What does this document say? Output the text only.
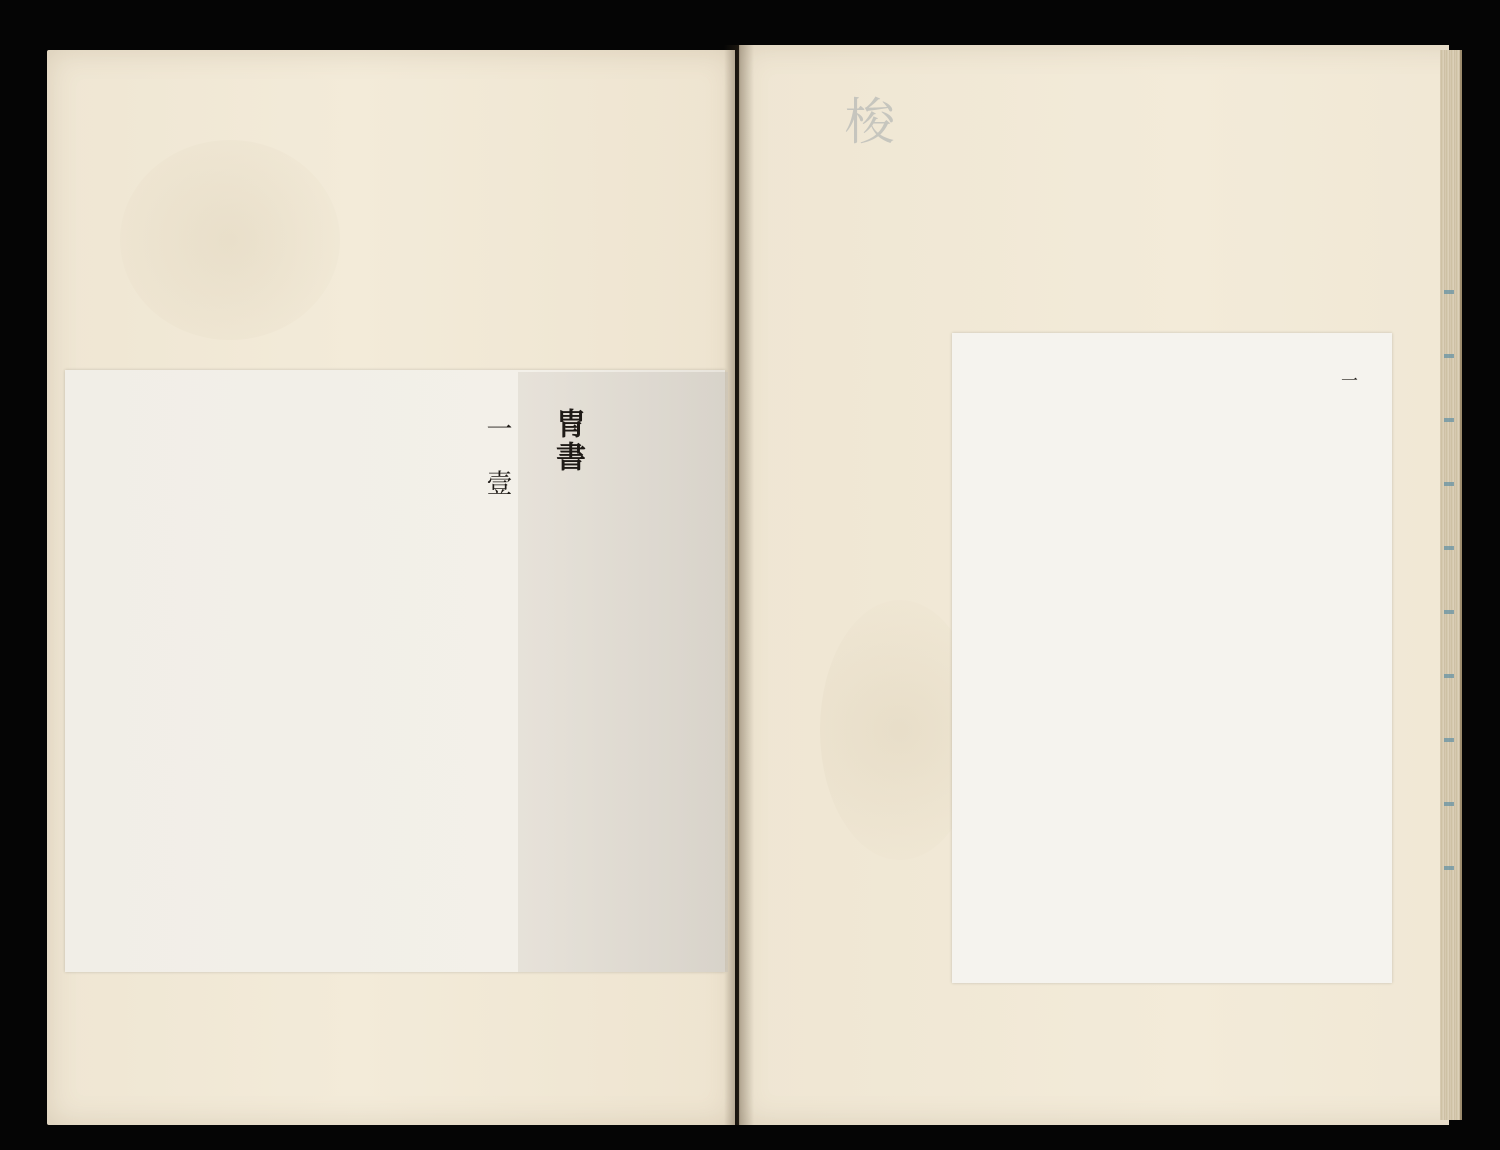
梭
冑書

一   壹

一
